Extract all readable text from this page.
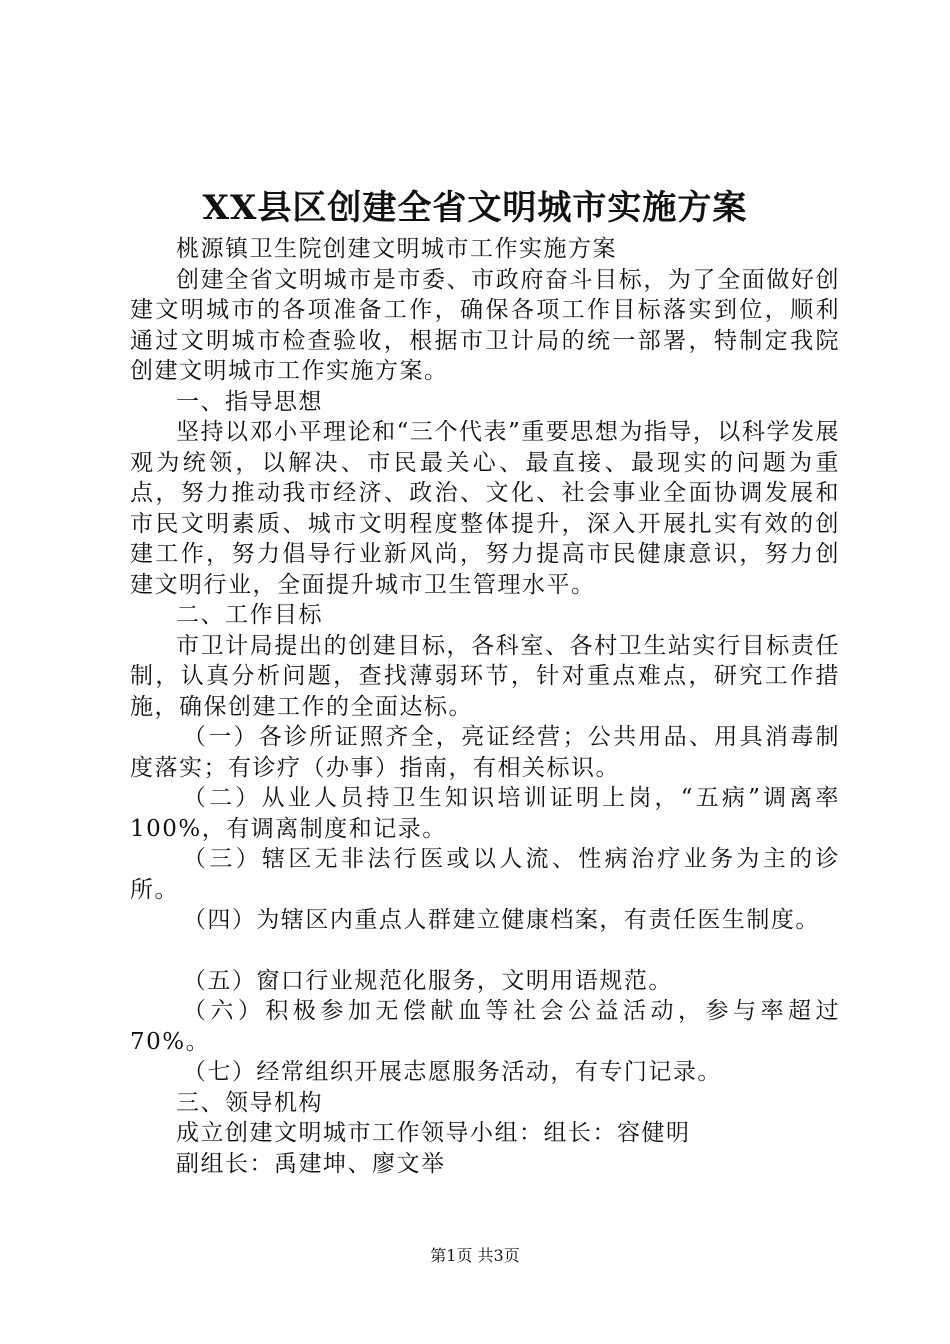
XX县区创建全省文明城市实施方案

桃源镇卫生院创建文明城市工作实施方案

创建全省文明城市是市委、市政府奋斗目标，为了全面做好创建文明城市的各项准备工作，确保各项工作目标落实到位，顺利通过文明城市检查验收，根据市卫计局的统一部署，特制定我院创建文明城市工作实施方案。

一、指导思想

坚持以邓小平理论和“三个代表”重要思想为指导，以科学发展观为统领，以解决、市民最关心、最直接、最现实的问题为重点，努力推动我市经济、政治、文化、社会事业全面协调发展和市民文明素质、城市文明程度整体提升，深入开展扎实有效的创建工作，努力倡导行业新风尚，努力提高市民健康意识，努力创建文明行业，全面提升城市卫生管理水平。

二、工作目标

市卫计局提出的创建目标，各科室、各村卫生站实行目标责任制，认真分析问题，查找薄弱环节，针对重点难点，研究工作措施，确保创建工作的全面达标。

（一）各诊所证照齐全，亮证经营；公共用品、用具消毒制度落实；有诊疗（办事）指南，有相关标识。

（二）从业人员持卫生知识培训证明上岗，“五病”调离率100%，有调离制度和记录。

（三）辖区无非法行医或以人流、性病治疗业务为主的诊所。

（四）为辖区内重点人群建立健康档案，有责任医生制度。

（五）窗口行业规范化服务，文明用语规范。

（六）积极参加无偿献血等社会公益活动，参与率超过70%。

（七）经常组织开展志愿服务活动，有专门记录。

三、领导机构

成立创建文明城市工作领导小组：组长：容健明

副组长：禹建坤、廖文举

第1页 共3页
